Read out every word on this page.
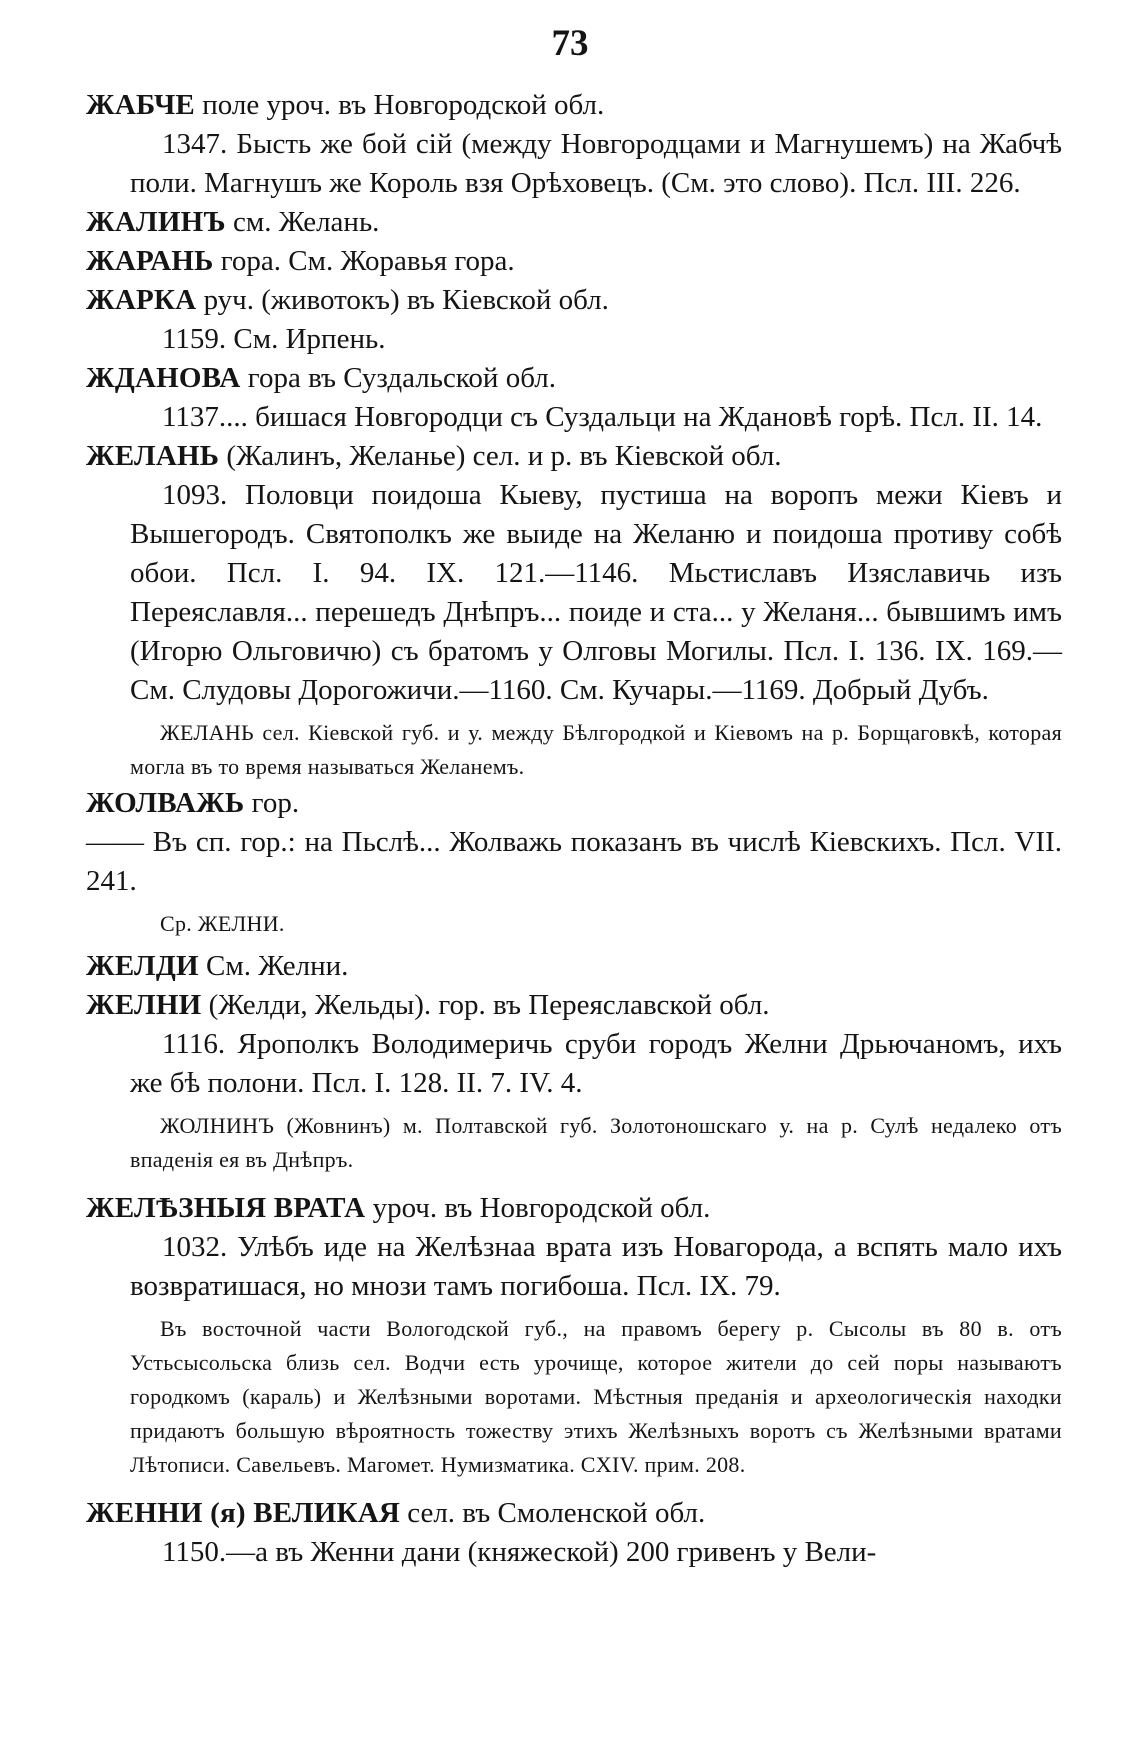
73
ЖАБЧЕ поле уроч. въ Новгородской обл.
1347. Бысть же бой сій (между Новгородцами и Магнушемъ) на Жабчѣ поли. Магнушъ же Король взя Орѣховецъ. (См. это слово). Псл. III. 226.
ЖАЛИНЪ см. Желань.
ЖАРАНЬ гора. См. Жоравья гора.
ЖАРКА руч. (животокъ) въ Кіевской обл.
1159. См. Ирпень.
ЖДАНОВА гора въ Суздальской обл.
1137.... бишася Новгородци съ Суздальци на Ждановѣ горѣ. Псл. II. 14.
ЖЕЛАНЬ (Жалинъ, Желанье) сел. и р. въ Кіевской обл.
1093. Половци поидоша Кыеву, пустиша на воропъ межи Кіевъ и Вышегородъ. Святополкъ же выиде на Желаню и поидоша противу собѣ обои. Псл. I. 94. IX. 121.—1146. Мьстиславъ Изяславичь изъ Переяславля... перешедъ Днѣпръ... поиде и ста... у Желаня... бывшимъ имъ (Игорю Ольговичю) съ братомъ у Олговы Могилы. Псл. I. 136. IX. 169.—См. Слудовы Дорогожичи.—1160. См. Кучары.—1169. Добрый Дубъ.
ЖЕЛАНЬ сел. Кіевской губ. и у. между Бѣлгородкой и Кіевомъ на р. Борщаговкѣ, которая могла въ то время называться Желанемъ.
ЖОЛВАЖЬ гор.
—— Въ сп. гор.: на Пьслѣ... Жолважь показанъ въ числѣ Кіевскихъ. Псл. VII. 241.
Ср. ЖЕЛНИ.
ЖЕЛДИ См. Желни.
ЖЕЛНИ (Желди, Жельды). гор. въ Переяславской обл.
1116. Ярополкъ Володимеричь сруби городъ Желни Дрьючаномъ, ихъ же бѣ полони. Псл. I. 128. II. 7. IV. 4.
ЖОЛНИНЪ (Жовнинъ) м. Полтавской губ. Золотоношскаго у. на р. Сулѣ недалеко отъ впаденія ея въ Днѣпръ.
ЖЕЛѢЗНЫЯ ВРАТА уроч. въ Новгородской обл.
1032. Улѣбъ иде на Желѣзнаа врата изъ Новагорода, а вспять мало ихъ возвратишася, но мнози тамъ погибоша. Псл. IX. 79.
Въ восточной части Вологодской губ., на правомъ берегу р. Сысолы въ 80 в. отъ Устьсысольска близь сел. Водчи есть урочище, которое жители до сей поры называютъ городкомъ (караль) и Желѣзными воротами. Мѣстныя преданія и археологическія находки придаютъ большую вѣроятность тожеству этихъ Желѣзныхъ воротъ съ Желѣзными вратами Лѣтописи. Савельевъ. Магомет. Нумизматика. CXIV. прим. 208.
ЖЕННИ (я) ВЕЛИКАЯ сел. въ Смоленской обл.
1150.—а въ Женни дани (княжеской) 200 гривенъ у Вели-
